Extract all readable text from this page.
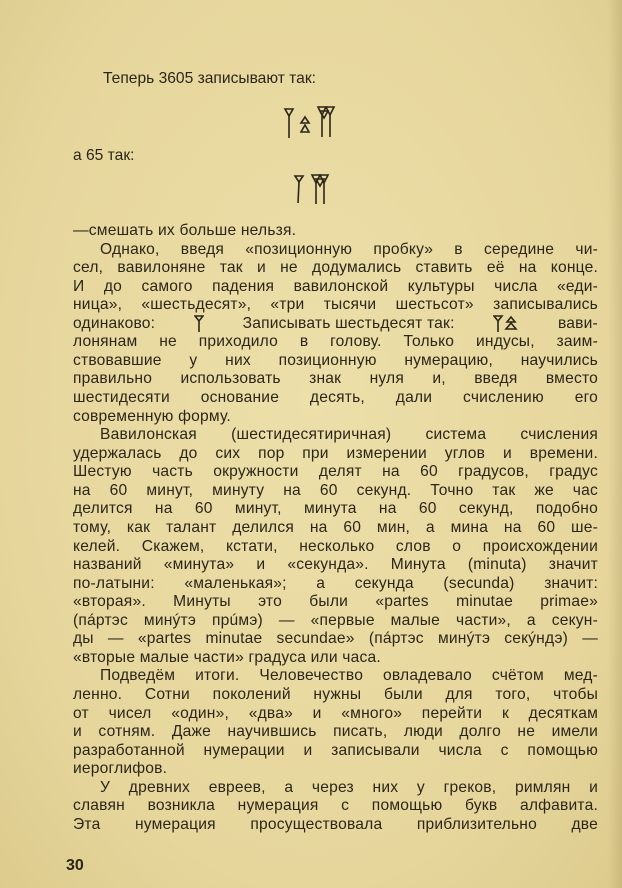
Теперь 3605 записывают так:
а 65 так:
—смешать их больше нельзя.
Однако, введя «позиционную пробку» в середине чи-
сел, вавилоняне так и не додумались ставить её на конце.
И до самого падения вавилонской культуры числа «еди-
ница», «шестьдесят», «три тысячи шестьсот» записывались
одинаково:	Записывать шестьдесят так:	вави-
лонянам не приходило в голову. Только индусы, заим-
ствовавшие у них позиционную нумерацию, научились
правильно использовать знак нуля и, введя вместо
шестидесяти основание десять, дали счислению его
современную форму.
Вавилонская (шестидесятиричная) система счисления
удержалась до сих пор при измерении углов и времени.
Шестую часть окружности делят на 60 градусов, градус
на 60 минут, минуту на 60 секунд. Точно так же час
делится на 60 минут, минута на 60 секунд, подобно
тому, как талант делился на 60 мин, а мина на 60 ше-
келей. Скажем, кстати, несколько слов о происхождении
названий «минута» и «секунда». Минута (minuta) значит
по-латыни: «маленькая»; а секунда (secunda) значит:
«вторая». Минуты это были «partes minutae primae»
(пáртэс минýтэ прúмэ) — «первые малые части», а секун-
ды — «partes minutae secundae» (пáртэс минýтэ секýндэ) —
«вторые малые части» градуса или часа.
Подведём итоги. Человечество овладевало счётом мед-
ленно. Сотни поколений нужны были для того, чтобы
от чисел «один», «два» и «много» перейти к десяткам
и сотням. Даже научившись писать, люди долго не имели
разработанной нумерации и записывали числа с помощью
иероглифов.
У древних евреев, а через них у греков, римлян и
славян возникла нумерация с помощью букв алфавита.
Эта нумерация просуществовала приблизительно две
30
